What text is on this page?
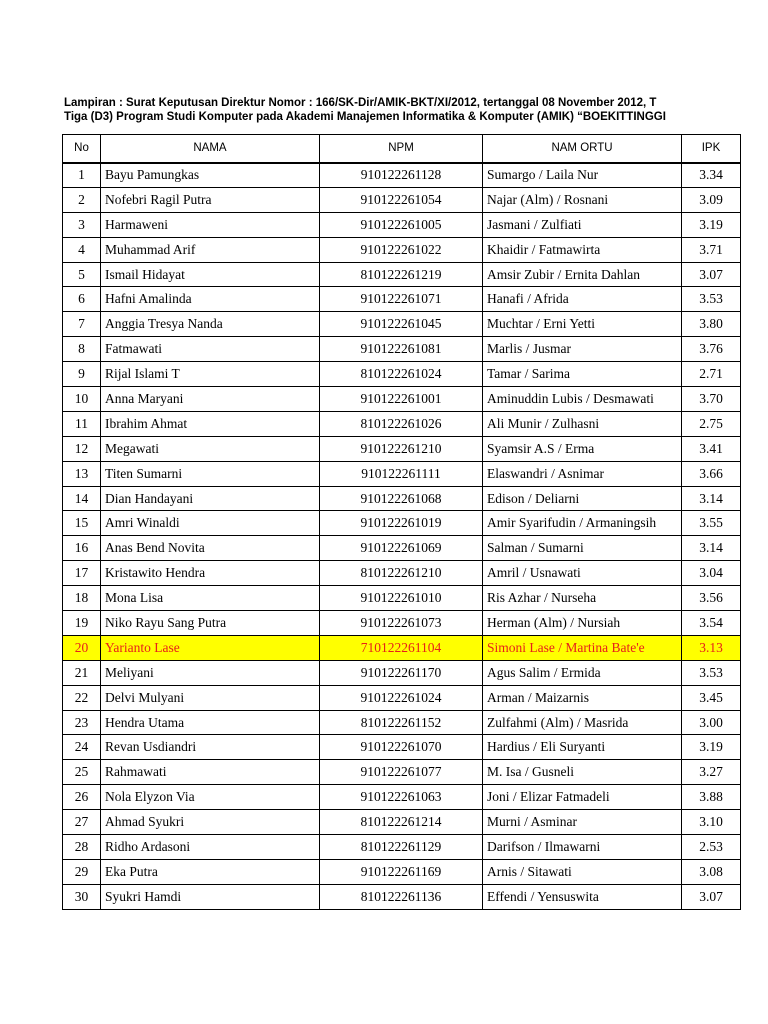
Lampiran : Surat Keputusan Direktur Nomor : 166/SK-Dir/AMIK-BKT/XI/2012, tertanggal 08 November 2012, T
Tiga (D3) Program Studi Komputer pada Akademi Manajemen Informatika & Komputer (AMIK) “BOEKITTINGGI
No	NAMA	NPM	NAM ORTU	IPK
1	Bayu Pamungkas	910122261128	Sumargo / Laila Nur	3.34
2	Nofebri Ragil Putra	910122261054	Najar (Alm) / Rosnani	3.09
3	Harmaweni	910122261005	Jasmani / Zulfiati	3.19
4	Muhammad Arif	910122261022	Khaidir / Fatmawirta	3.71
5	Ismail Hidayat	810122261219	Amsir Zubir / Ernita Dahlan	3.07
6	Hafni Amalinda	910122261071	Hanafi / Afrida	3.53
7	Anggia Tresya Nanda	910122261045	Muchtar / Erni Yetti	3.80
8	Fatmawati	910122261081	Marlis / Jusmar	3.76
9	Rijal Islami T	810122261024	Tamar / Sarima	2.71
10	Anna Maryani	910122261001	Aminuddin Lubis / Desmawati	3.70
11	Ibrahim Ahmat	810122261026	Ali Munir / Zulhasni	2.75
12	Megawati	910122261210	Syamsir A.S / Erma	3.41
13	Titen Sumarni	910122261111	Elaswandri / Asnimar	3.66
14	Dian Handayani	910122261068	Edison / Deliarni	3.14
15	Amri Winaldi	910122261019	Amir Syarifudin / Armaningsih	3.55
16	Anas Bend Novita	910122261069	Salman / Sumarni	3.14
17	Kristawito Hendra	810122261210	Amril / Usnawati	3.04
18	Mona Lisa	910122261010	Ris Azhar / Nurseha	3.56
19	Niko Rayu Sang Putra	910122261073	Herman (Alm) / Nursiah	3.54
20	Yarianto Lase	710122261104	Simoni Lase / Martina Bate'e	3.13
21	Meliyani	910122261170	Agus Salim / Ermida	3.53
22	Delvi Mulyani	910122261024	Arman / Maizarnis	3.45
23	Hendra Utama	810122261152	Zulfahmi (Alm) / Masrida	3.00
24	Revan Usdiandri	910122261070	Hardius / Eli Suryanti	3.19
25	Rahmawati	910122261077	M. Isa / Gusneli	3.27
26	Nola Elyzon Via	910122261063	Joni / Elizar Fatmadeli	3.88
27	Ahmad Syukri	810122261214	Murni / Asminar	3.10
28	Ridho Ardasoni	810122261129	Darifson / Ilmawarni	2.53
29	Eka Putra	910122261169	Arnis / Sitawati	3.08
30	Syukri Hamdi	810122261136	Effendi / Yensuswita	3.07
